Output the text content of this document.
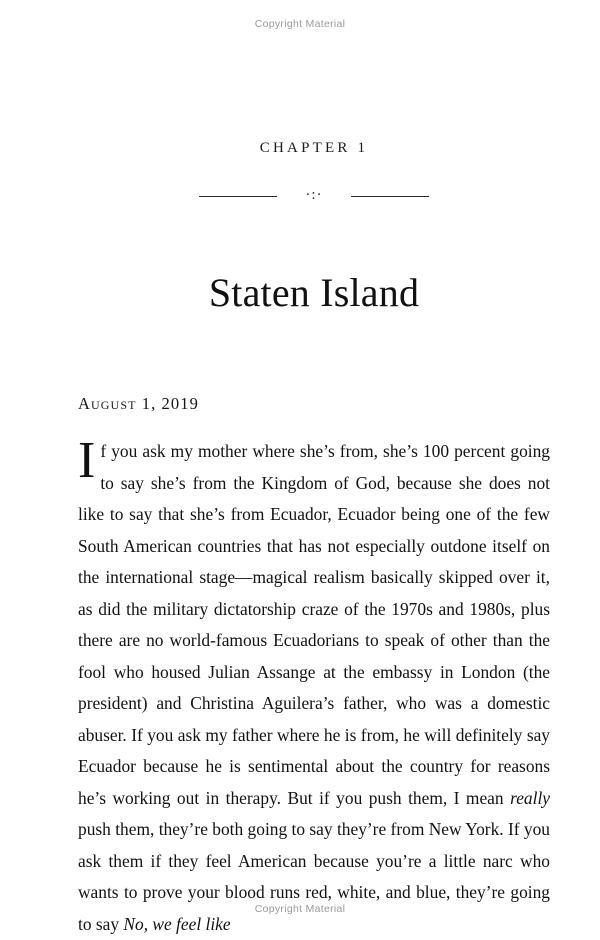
Copyright Material
CHAPTER 1
·:·
Staten Island
August 1, 2019
If you ask my mother where she’s from, she’s 100 percent going to say she’s from the Kingdom of God, because she does not like to say that she’s from Ecuador, Ecuador being one of the few South American countries that has not especially outdone itself on the international stage—magical realism basically skipped over it, as did the military dictatorship craze of the 1970s and 1980s, plus there are no world-famous Ecuadorians to speak of other than the fool who housed Julian Assange at the embassy in London (the president) and Christina Aguilera’s father, who was a domestic abuser. If you ask my father where he is from, he will definitely say Ecuador because he is sentimental about the country for reasons he’s working out in therapy. But if you push them, I mean really push them, they’re both going to say they’re from New York. If you ask them if they feel American because you’re a little narc who wants to prove your blood runs red, white, and blue, they’re going to say No, we feel like
Copyright Material
